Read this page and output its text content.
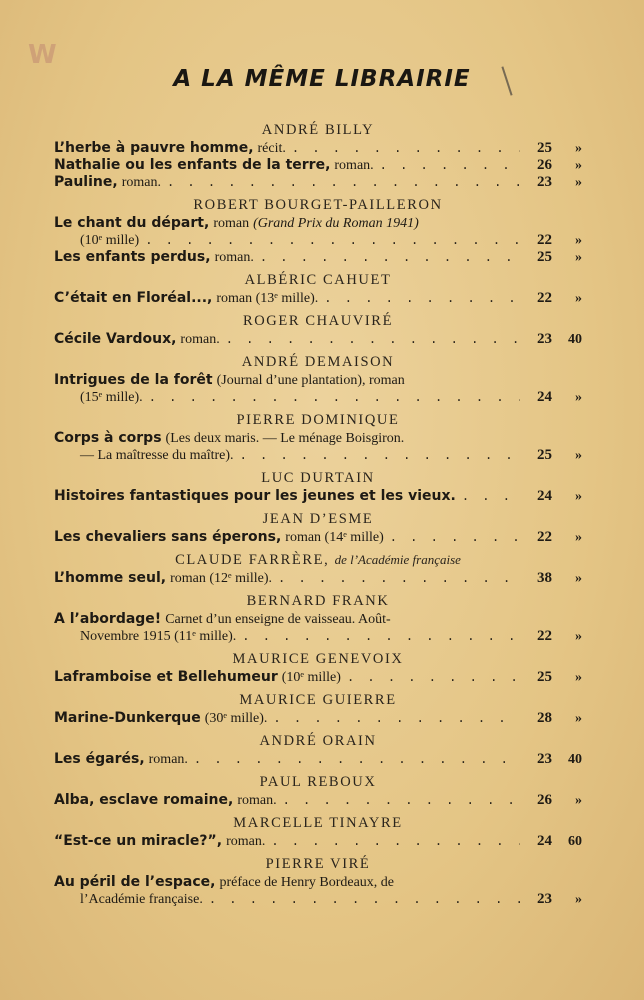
W
A LA MÊME LIBRAIRIE
ANDRÉ BILLY
L’herbe à pauvre homme, récit. . . .	25	»
Nathalie ou les enfants de la terre, roman. . . .	26	»
Pauline, roman. . . .	23	»
ROBERT BOURGET-PAILLERON
Le chant du départ, roman (Grand Prix du Roman 1941)
(10ᵉ mille) . . .	22	»
Les enfants perdus, roman. . . .	25	»
ALBÉRIC CAHUET
C’était en Floréal..., roman (13ᵉ mille). . . .	22	»
ROGER CHAUVIRÉ
Cécile Vardoux, roman. . . .	23	40
ANDRÉ DEMAISON
Intrigues de la forêt (Journal d’une plantation), roman
(15ᵉ mille). . . .	24	»
PIERRE DOMINIQUE
Corps à corps (Les deux maris. — Le ménage Boisgiron.
— La maîtresse du maître). . . .	25	»
LUC DURTAIN
Histoires fantastiques pour les jeunes et les vieux. . . .	24	»
JEAN D’ESME
Les chevaliers sans éperons, roman (14ᵉ mille) . . .	22	»
CLAUDE FARRÈRE, de l’Académie française
L’homme seul, roman (12ᵉ mille). . . .	38	»
BERNARD FRANK
A l’abordage! Carnet d’un enseigne de vaisseau. Août-
Novembre 1915 (11ᵉ mille). . . .	22	»
MAURICE GENEVOIX
Laframboise et Bellehumeur (10ᵉ mille) . . .	25	»
MAURICE GUIERRE
Marine-Dunkerque (30ᵉ mille). . . .	28	»
ANDRÉ ORAIN
Les égarés, roman. . . .	23	40
PAUL REBOUX
Alba, esclave romaine, roman. . . .	26	»
MARCELLE TINAYRE
“Est-ce un miracle?”, roman. . . .	24	60
PIERRE VIRÉ
Au péril de l’espace, préface de Henry Bordeaux, de
l’Académie française. . . .	23	»
